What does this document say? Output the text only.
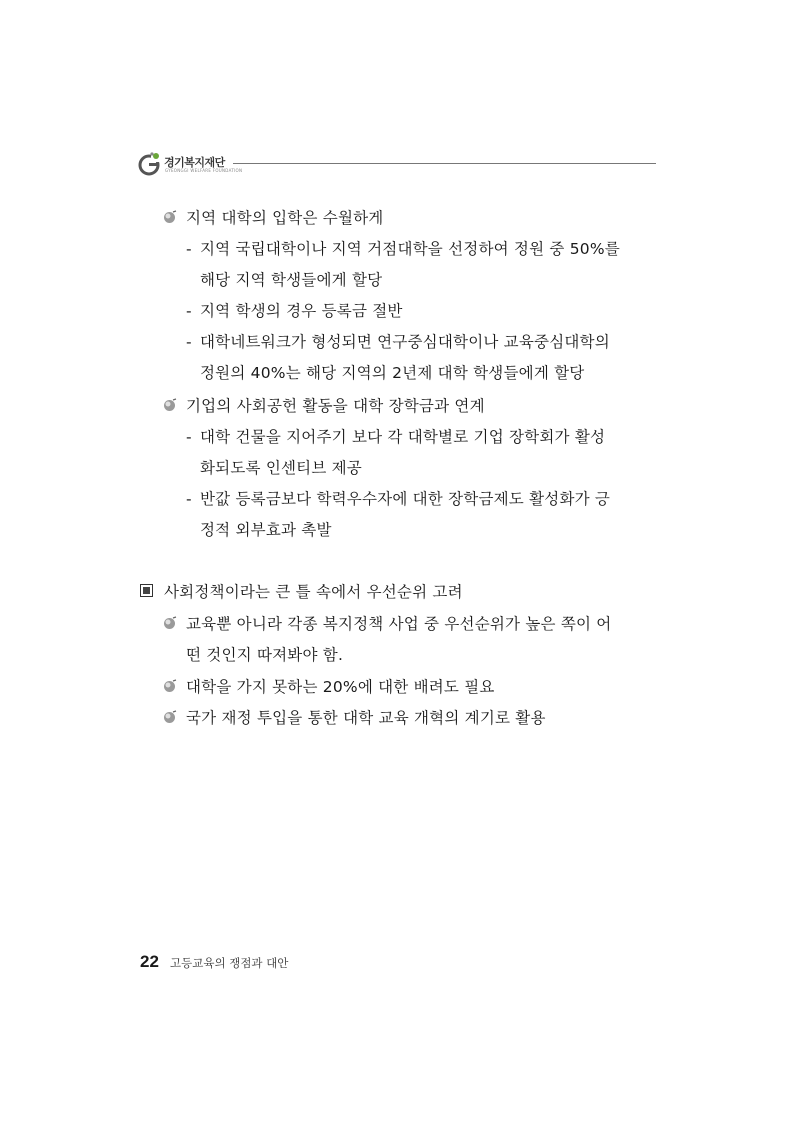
경기복지재단
GYEONGGI WELFARE FOUNDATION
지역 대학의 입학은 수월하게
- 지역 국립대학이나 지역 거점대학을 선정하여 정원 중 50%를
해당 지역 학생들에게 할당
- 지역 학생의 경우 등록금 절반
- 대학네트워크가 형성되면 연구중심대학이나 교육중심대학의
정원의 40%는 해당 지역의 2년제 대학 학생들에게 할당
기업의 사회공헌 활동을 대학 장학금과 연계
- 대학 건물을 지어주기 보다 각 대학별로 기업 장학회가 활성
화되도록 인센티브 제공
- 반값 등록금보다 학력우수자에 대한 장학금제도 활성화가 긍
정적 외부효과 촉발
사회정책이라는 큰 틀 속에서 우선순위 고려
교육뿐 아니라 각종 복지정책 사업 중 우선순위가 높은 쪽이 어
떤 것인지 따져봐야 함.
대학을 가지 못하는 20%에 대한 배려도 필요
국가 재정 투입을 통한 대학 교육 개혁의 계기로 활용
22 고등교육의 쟁점과 대안
